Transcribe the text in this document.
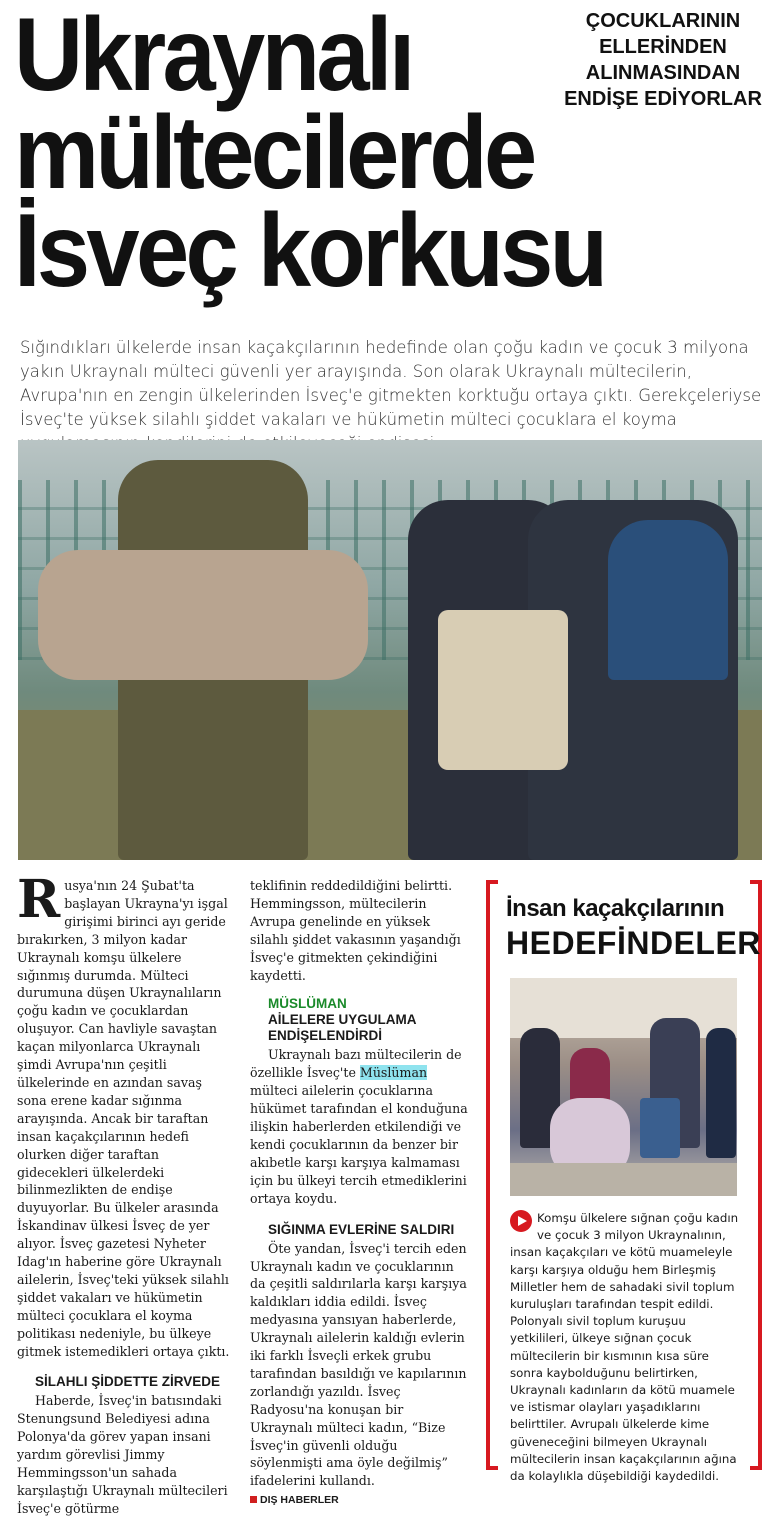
Ukraynalı
mültecilerde
İsveç korkusu
ÇOCUKLARININ
ELLERİNDEN
ALINMASINDAN
ENDİŞE EDİYORLAR

Sığındıkları ülkelerde insan kaçakçılarının hedefinde olan çoğu kadın ve çocuk 3 milyona yakın Ukraynalı mülteci güvenli yer arayışında. Son olarak Ukraynalı mültecilerin, Avrupa'nın en zengin ülkelerinden İsveç'e gitmekten korktuğu ortaya çıktı. Gerekçeleriyse İsveç'te yüksek silahlı şiddet vakaları ve hükümetin mülteci çocuklara el koyma

Rusya'nın 24 Şubat'ta başlayan Ukrayna'yı işgal girişimi birinci ayı geride bırakırken, 3 milyon kadar Ukraynalı komşu ülkelere sığınmış durumda. Mülteci durumuna düşen Ukraynalıların çoğu kadın ve çocuklardan oluşuyor. Can havliyle savaştan kaçan milyonlarca Ukraynalı şimdi Avrupa'nın çeşitli ülkelerinde en azından savaş sona erene kadar sığınma arayışında. Ancak bir taraftan insan kaçakçılarının hedefi olurken diğer taraftan gidecekleri ülkelerdeki bilinmezlikten de endişe duyuyorlar. Bu ülkeler arasında İskandinav ülkesi İsveç de yer alıyor. İsveç gazetesi Nyheter Idag'ın haberine göre Ukraynalı ailelerin, İsveç'teki yüksek silahlı şiddet vakaları ve hükümetin mülteci çocuklara el koyma politikası nedeniyle, bu ülkeye gitmek istemedikleri ortaya çıktı.

SİLAHLI ŞİDDETTE ZİRVEDE

Haberde, İsveç'in batısındaki Stenungsund Belediyesi adına Polonya'da görev yapan insani yardım görevlisi Jimmy Hemmingsson'un sahada karşılaştığı Ukraynalı mültecileri İsveç'e götürme

teklifinin reddedildiğini belirtti. Hemmingsson, mültecilerin Avrupa genelinde en yüksek silahlı şiddet vakasının yaşandığı İsveç'e gitmekten çekindiğini kaydetti.

MÜSLÜMAN
AİLELERE UYGULAMA ENDİŞELENDİRDİ

Ukraynalı bazı mültecilerin de özellikle İsveç'te Müslüman mülteci ailelerin çocuklarına hükümet tarafından el konduğuna ilişkin haberlerden etkilendiği ve kendi çocuklarının da benzer bir akıbetle karşı karşıya kalmaması için bu ülkeyi tercih etmediklerini ortaya koydu.

SIĞINMA EVLERİNE SALDIRI

Öte yandan, İsveç'i tercih eden Ukraynalı kadın ve çocuklarının da çeşitli saldırılarla karşı karşıya kaldıkları iddia edildi. İsveç medyasına yansıyan haberlerde, Ukraynalı ailelerin kaldığı evlerin iki farklı İsveçli erkek grubu tarafından basıldığı ve kapılarının zorlandığı yazıldı. İsveç Radyosu'na konuşan bir Ukraynalı mülteci kadın, “Bize İsveç'in güvenli olduğu söylenmişti ama öyle değilmiş” ifadelerini kullandı.

DIŞ HABERLER
İnsan kaçakçılarının
HEDEFİNDELER
Komşu ülkelere sığnan çoğu kadın ve çocuk 3 milyon Ukraynalının, insan kaçakçıları ve kötü muameleyle karşı karşıya olduğu hem Birleşmiş Milletler hem de sahadaki sivil toplum kuruluşları tarafından tespit edildi. Polonyalı sivil toplum kuruşuu yetkilileri, ülkeye sığnan çocuk mültecilerin bir kısmının kısa süre sonra kaybolduğunu belirtirken, Ukraynalı kadınların da kötü muamele ve istismar olayları yaşadıklarını belirttiler. Avrupalı ülkelerde kime güveneceğini bilmeyen Ukraynalı mültecilerin insan kaçakçılarının ağına da kolaylıkla düşebildiği kaydedildi.
